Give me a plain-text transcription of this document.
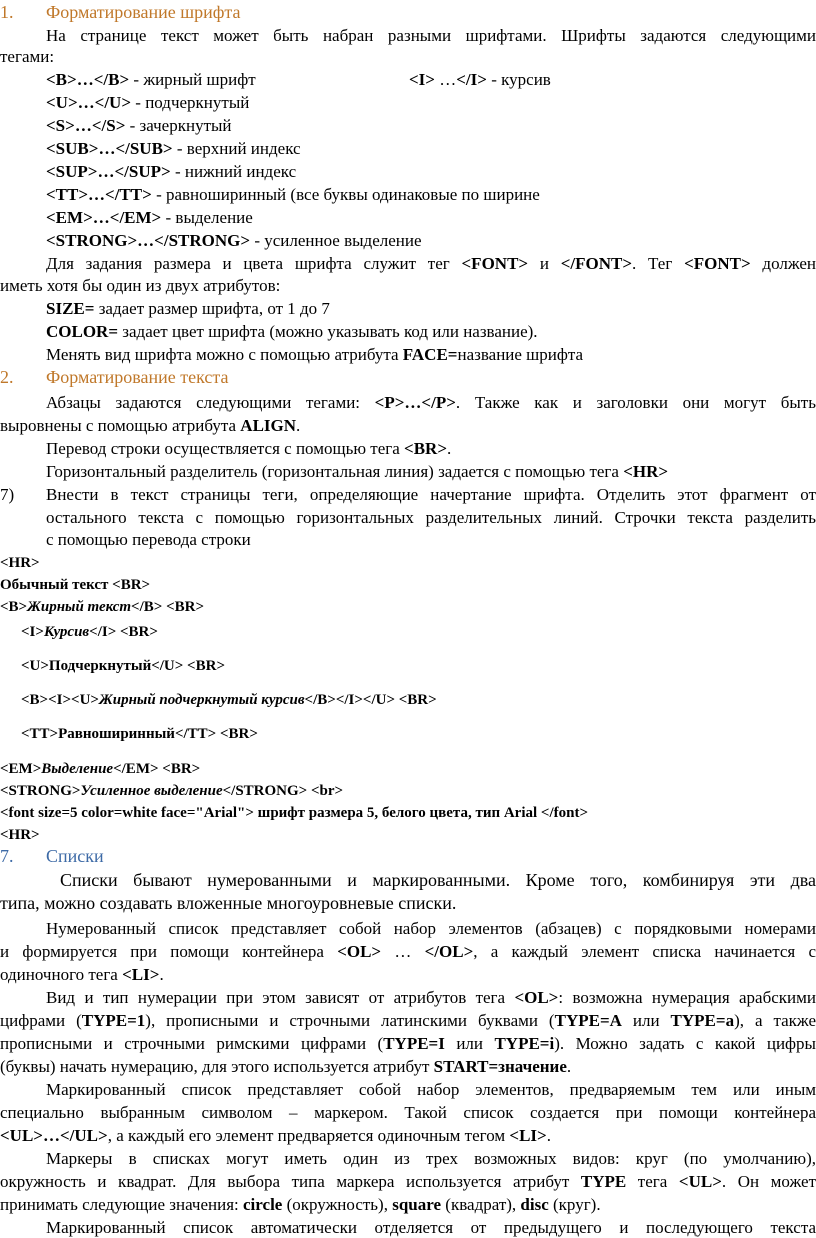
1. Форматирование шрифта
На странице текст может быть набран разными шрифтами. Шрифты задаются следующими
тегами:
<B>…</B> - жирный шрифт	<I> …</I> - курсив
<U>…</U> - подчеркнутый
<S>…</S> - зачеркнутый
<SUB>…</SUB> - верхний индекс
<SUP>…</SUP> - нижний индекс
<TT>…</TT> - равноширинный (все буквы одинаковые по ширине
<EM>…</EM> - выделение
<STRONG>…</STRONG> - усиленное выделение
Для задания размера и цвета шрифта служит тег <FONT> и </FONT>. Тег <FONT> должен
иметь хотя бы один из двух атрибутов:
SIZE= задает размер шрифта, от 1 до 7
COLOR= задает цвет шрифта (можно указывать код или название).
Менять вид шрифта можно с помощью атрибута FACE=название шрифта
2. Форматирование текста
Абзацы задаются следующими тегами: <P>…</P>. Также как и заголовки они могут быть
выровнены с помощью атрибута ALIGN.
Перевод строки осуществляется с помощью тега <BR>.
Горизонтальный разделитель (горизонтальная линия) задается с помощью тега <HR>
7)	Внести в текст страницы теги, определяющие начертание шрифта. Отделить этот фрагмент от
остального текста с помощью горизонтальных разделительных линий. Строчки текста разделить
с помощью перевода строки
<HR>
Обычный текст <BR>
<B>Жирный текст</B> <BR>
<I>Курсив</I> <BR>
<U>Подчеркнутый</U> <BR>
<B><I><U>Жирный подчеркнутый курсив</B></I></U> <BR>
<TT>Равноширинный</TT> <BR>
<EM>Выделение</EM> <BR>
<STRONG>Усиленное выделение</STRONG> <br>
<font size=5 color=white face="Arial"> шрифт размера 5, белого цвета, тип Arial </font>
<HR>
7. Списки
Списки бывают нумерованными и маркированными. Кроме того, комбинируя эти два
типа, можно создавать вложенные многоуровневые списки.
Нумерованный список представляет собой набор элементов (абзацев) с порядковыми номерами
и формируется при помощи контейнера <OL> … </OL>, а каждый элемент списка начинается с
одиночного тега <LI>.
Вид и тип нумерации при этом зависят от атрибутов тега <OL>: возможна нумерация арабскими
цифрами (TYPE=1), прописными и строчными латинскими буквами (TYPE=A или TYPE=a), а также
прописными и строчными римскими цифрами (TYPE=I или TYPE=i). Можно задать с какой цифры
(буквы) начать нумерацию, для этого используется атрибут START=значение.
Маркированный список представляет собой набор элементов, предваряемым тем или иным
специально выбранным символом – маркером. Такой список создается при помощи контейнера
<UL>…</UL>, а каждый его элемент предваряется одиночным тегом <LI>.
Маркеры в списках могут иметь один из трех возможных видов: круг (по умолчанию),
окружность и квадрат. Для выбора типа маркера используется атрибут TYPE тега <UL>. Он может
принимать следующие значения: circle (окружность), square (квадрат), disc (круг).
Маркированный список автоматически отделяется от предыдущего и последующего текста
